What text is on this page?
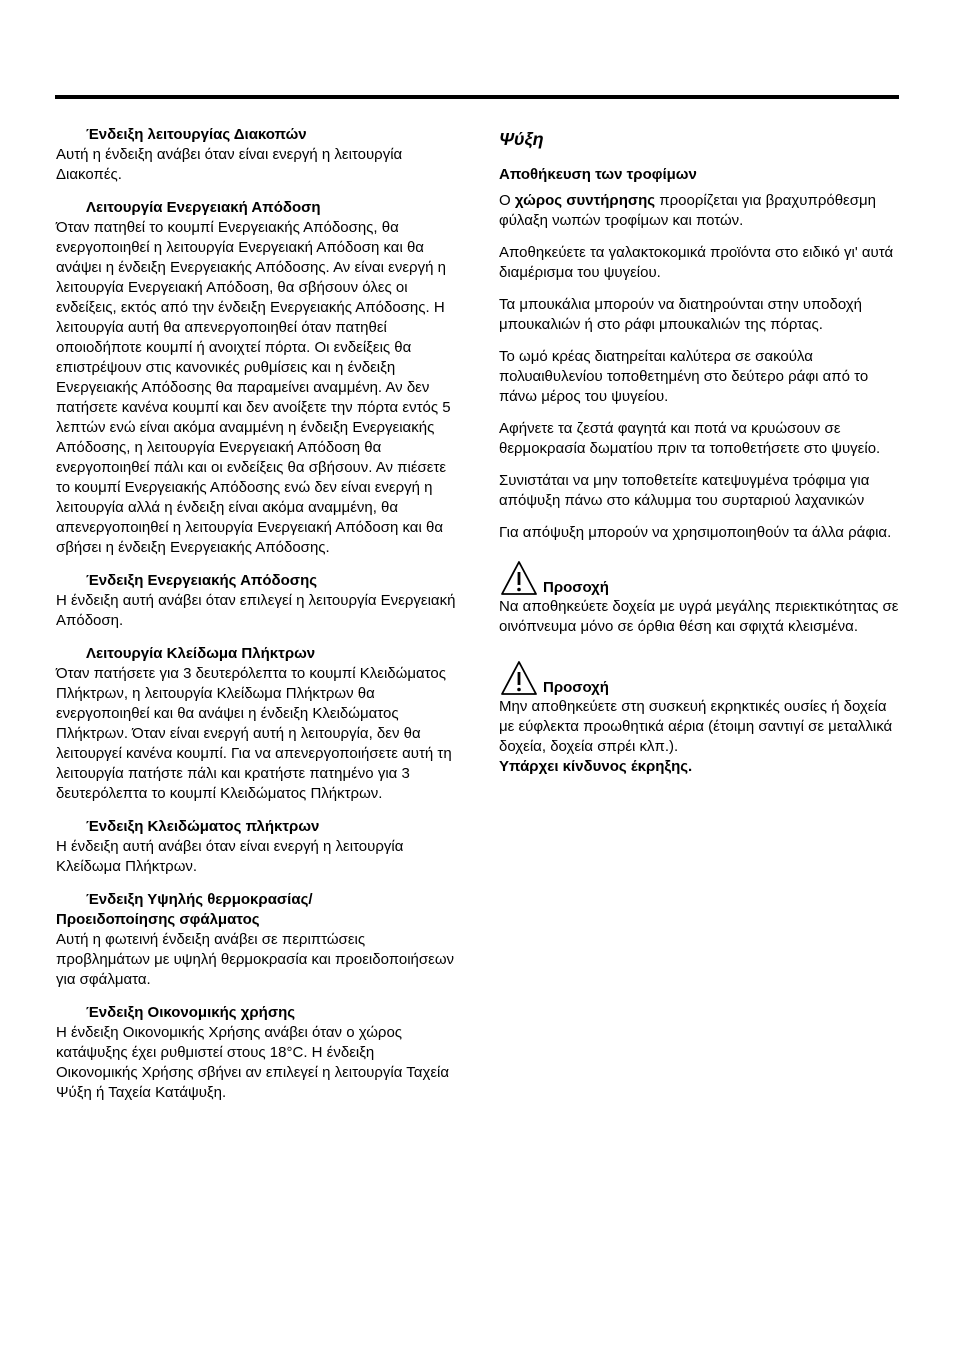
Ένδειξη λειτουργίας Διακοπών
Αυτή η ένδειξη ανάβει όταν είναι ενεργή η λειτουργία Διακοπές.
Λειτουργία Ενεργειακή Απόδοση
Όταν πατηθεί το κουμπί Ενεργειακής Απόδοσης, θα ενεργοποιηθεί η λειτουργία Ενεργειακή Απόδοση και θα ανάψει η ένδειξη Ενεργειακής Απόδοσης. Αν είναι ενεργή η λειτουργία Ενεργειακή Απόδοση, θα σβήσουν όλες οι ενδείξεις, εκτός από την ένδειξη Ενεργειακής Απόδοσης. Η λειτουργία αυτή θα απενεργοποιηθεί όταν πατηθεί οποιοδήποτε κουμπί ή ανοιχτεί πόρτα. Οι ενδείξεις θα επιστρέψουν στις κανονικές ρυθμίσεις και η ένδειξη Ενεργειακής Απόδοσης θα παραμείνει αναμμένη. Αν δεν πατήσετε κανένα κουμπί και δεν ανοίξετε την πόρτα εντός 5 λεπτών ενώ είναι ακόμα αναμμένη η ένδειξη Ενεργειακής Απόδοσης, η λειτουργία Ενεργειακή Απόδοση θα ενεργοποιηθεί πάλι και οι ενδείξεις θα σβήσουν. Αν πιέσετε το κουμπί Ενεργειακής Απόδοσης ενώ δεν είναι ενεργή η λειτουργία αλλά η ένδειξη είναι ακόμα αναμμένη, θα απενεργοποιηθεί η λειτουργία Ενεργειακή Απόδοση και θα σβήσει η ένδειξη Ενεργειακής Απόδοσης.
Ένδειξη Ενεργειακής Απόδοσης
Η ένδειξη αυτή ανάβει όταν επιλεγεί η λειτουργία Ενεργειακή Απόδοση.
Λειτουργία Κλείδωμα Πλήκτρων
Όταν πατήσετε για 3 δευτερόλεπτα το κουμπί Κλειδώματος Πλήκτρων, η λειτουργία Κλείδωμα Πλήκτρων θα ενεργοποιηθεί και θα ανάψει η ένδειξη Κλειδώματος Πλήκτρων. Όταν είναι ενεργή αυτή η λειτουργία, δεν θα λειτουργεί κανένα κουμπί. Για να απενεργοποιήσετε αυτή τη λειτουργία πατήστε πάλι και κρατήστε πατημένο για 3 δευτερόλεπτα το κουμπί Κλειδώματος Πλήκτρων.
Ένδειξη Κλειδώματος πλήκτρων
Η ένδειξη αυτή ανάβει όταν είναι ενεργή η λειτουργία Κλείδωμα Πλήκτρων.
Ένδειξη Υψηλής θερμοκρασίας/
Προειδοποίησης σφάλματος
Αυτή η φωτεινή ένδειξη ανάβει σε περιπτώσεις προβλημάτων με υψηλή θερμοκρασία και προειδοποιήσεων για σφάλματα.
Ένδειξη Οικονομικής χρήσης
Η ένδειξη Οικονομικής Χρήσης ανάβει όταν ο χώρος κατάψυξης έχει ρυθμιστεί στους 18°C. Η ένδειξη Οικονομικής Χρήσης σβήνει αν επιλεγεί η λειτουργία Ταχεία Ψύξη ή Ταχεία Κατάψυξη.
Ψύξη
Αποθήκευση των τροφίμων

Ο χώρος συντήρησης προορίζεται για βραχυπρόθεσμη φύλαξη νωπών τροφίμων και ποτών.

Αποθηκεύετε τα γαλακτοκομικά προϊόντα στο ειδικό γι' αυτά διαμέρισμα του ψυγείου.

Τα μπουκάλια μπορούν να διατηρούνται στην υποδοχή μπουκαλιών ή στο ράφι μπουκαλιών της πόρτας.

Το ωμό κρέας διατηρείται καλύτερα σε σακούλα πολυαιθυλενίου τοποθετημένη στο δεύτερο ράφι από το πάνω μέρος του ψυγείου.

Αφήνετε τα ζεστά φαγητά και ποτά να κρυώσουν σε θερμοκρασία δωματίου πριν τα τοποθετήσετε στο ψυγείο.

Συνιστάται να μην τοποθετείτε κατεψυγμένα τρόφιμα για απόψυξη πάνω στο κάλυμμα του συρταριού λαχανικών

Για απόψυξη μπορούν να χρησιμοποιηθούν τα άλλα ράφια.

Προσοχή
Να αποθηκεύετε δοχεία με υγρά μεγάλης περιεκτικότητας σε οινόπνευμα μόνο σε όρθια θέση και σφιχτά κλεισμένα.
Προσοχή
Μην αποθηκεύετε στη συσκευή εκρηκτικές ουσίες ή δοχεία με εύφλεκτα προωθητικά αέρια (έτοιμη σαντιγί σε μεταλλικά δοχεία, δοχεία σπρέι κλπ.).
Υπάρχει κίνδυνος έκρηξης.
